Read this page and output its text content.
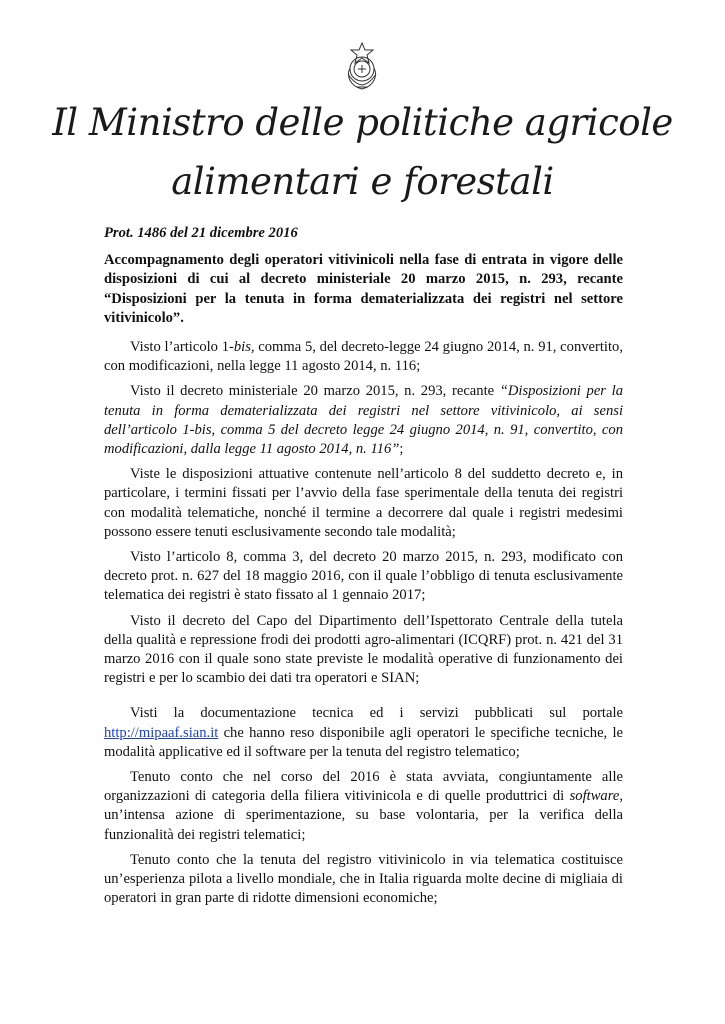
Il Ministro delle politiche agricole
alimentari e forestali

Prot. 1486 del 21 dicembre 2016

Accompagnamento degli operatori vitivinicoli nella fase di entrata in vigore delle disposizioni di cui al decreto ministeriale 20 marzo 2015, n. 293, recante “Disposizioni per la tenuta in forma dematerializzata dei registri nel settore vitivinicolo”.

Visto l’articolo 1-bis, comma 5, del decreto-legge 24 giugno 2014, n. 91, convertito, con modificazioni, nella legge 11 agosto 2014, n. 116;

Visto il decreto ministeriale 20 marzo 2015, n. 293, recante “Disposizioni per la tenuta in forma dematerializzata dei registri nel settore vitivinicolo, ai sensi dell’articolo 1-bis, comma 5 del decreto legge 24 giugno 2014, n. 91, convertito, con modificazioni, dalla legge 11 agosto 2014, n. 116”;

Viste le disposizioni attuative contenute nell’articolo 8 del suddetto decreto e, in particolare, i termini fissati per l’avvio della fase sperimentale della tenuta dei registri con modalità telematiche, nonché il termine a decorrere dal quale i registri medesimi possono essere tenuti esclusivamente secondo tale modalità;

Visto l’articolo 8, comma 3, del decreto 20 marzo 2015, n. 293, modificato con decreto prot. n. 627 del 18 maggio 2016, con il quale l’obbligo di tenuta esclusivamente telematica dei registri è stato fissato al 1 gennaio 2017;

Visto il decreto del Capo del Dipartimento dell’Ispettorato Centrale della tutela della qualità e repressione frodi dei prodotti agro-alimentari (ICQRF) prot. n. 421 del 31 marzo 2016 con il quale sono state previste le modalità operative di funzionamento dei registri e per lo scambio dei dati tra operatori e SIAN;

Visti la documentazione tecnica ed i servizi pubblicati sul portale http://mipaaf.sian.it che hanno reso disponibile agli operatori le specifiche tecniche, le modalità applicative ed il software per la tenuta del registro telematico;

Tenuto conto che nel corso del 2016 è stata avviata, congiuntamente alle organizzazioni di categoria della filiera vitivinicola e di quelle produttrici di software, un’intensa azione di sperimentazione, su base volontaria, per la verifica della funzionalità dei registri telematici;

Tenuto conto che la tenuta del registro vitivinicolo in via telematica costituisce un’esperienza pilota a livello mondiale, che in Italia riguarda molte decine di migliaia di operatori in gran parte di ridotte dimensioni economiche;
